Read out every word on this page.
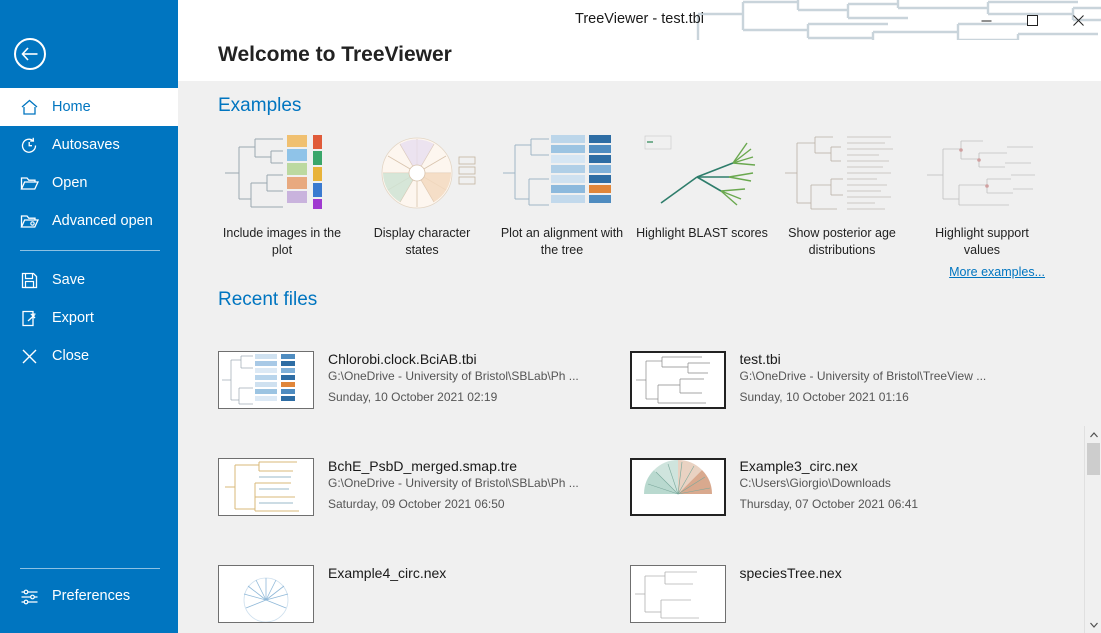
Home
Autosaves
Open
Advanced open
Save
Export
Close
Preferences
TreeViewer - test.tbi
Welcome to TreeViewer
Examples
Include images in the plot
Display character states
Plot an alignment with the tree
Highlight BLAST scores	Show posterior age distributions
Highlight support values
More examples...
Recent files
Chlorobi.clock.BciAB.tbi
G:\OneDrive - University of Bristol\SBLab\Ph ...
Sunday, 10 October 2021 02:19
test.tbi
G:\OneDrive - University of Bristol\TreeView ...
Sunday, 10 October 2021 01:16
BchE_PsbD_merged.smap.tre
G:\OneDrive - University of Bristol\SBLab\Ph ...
Saturday, 09 October 2021 06:50
Example3_circ.nex
C:\Users\Giorgio\Downloads
Thursday, 07 October 2021 06:41
Example4_circ.nex	speciesTree.nex
